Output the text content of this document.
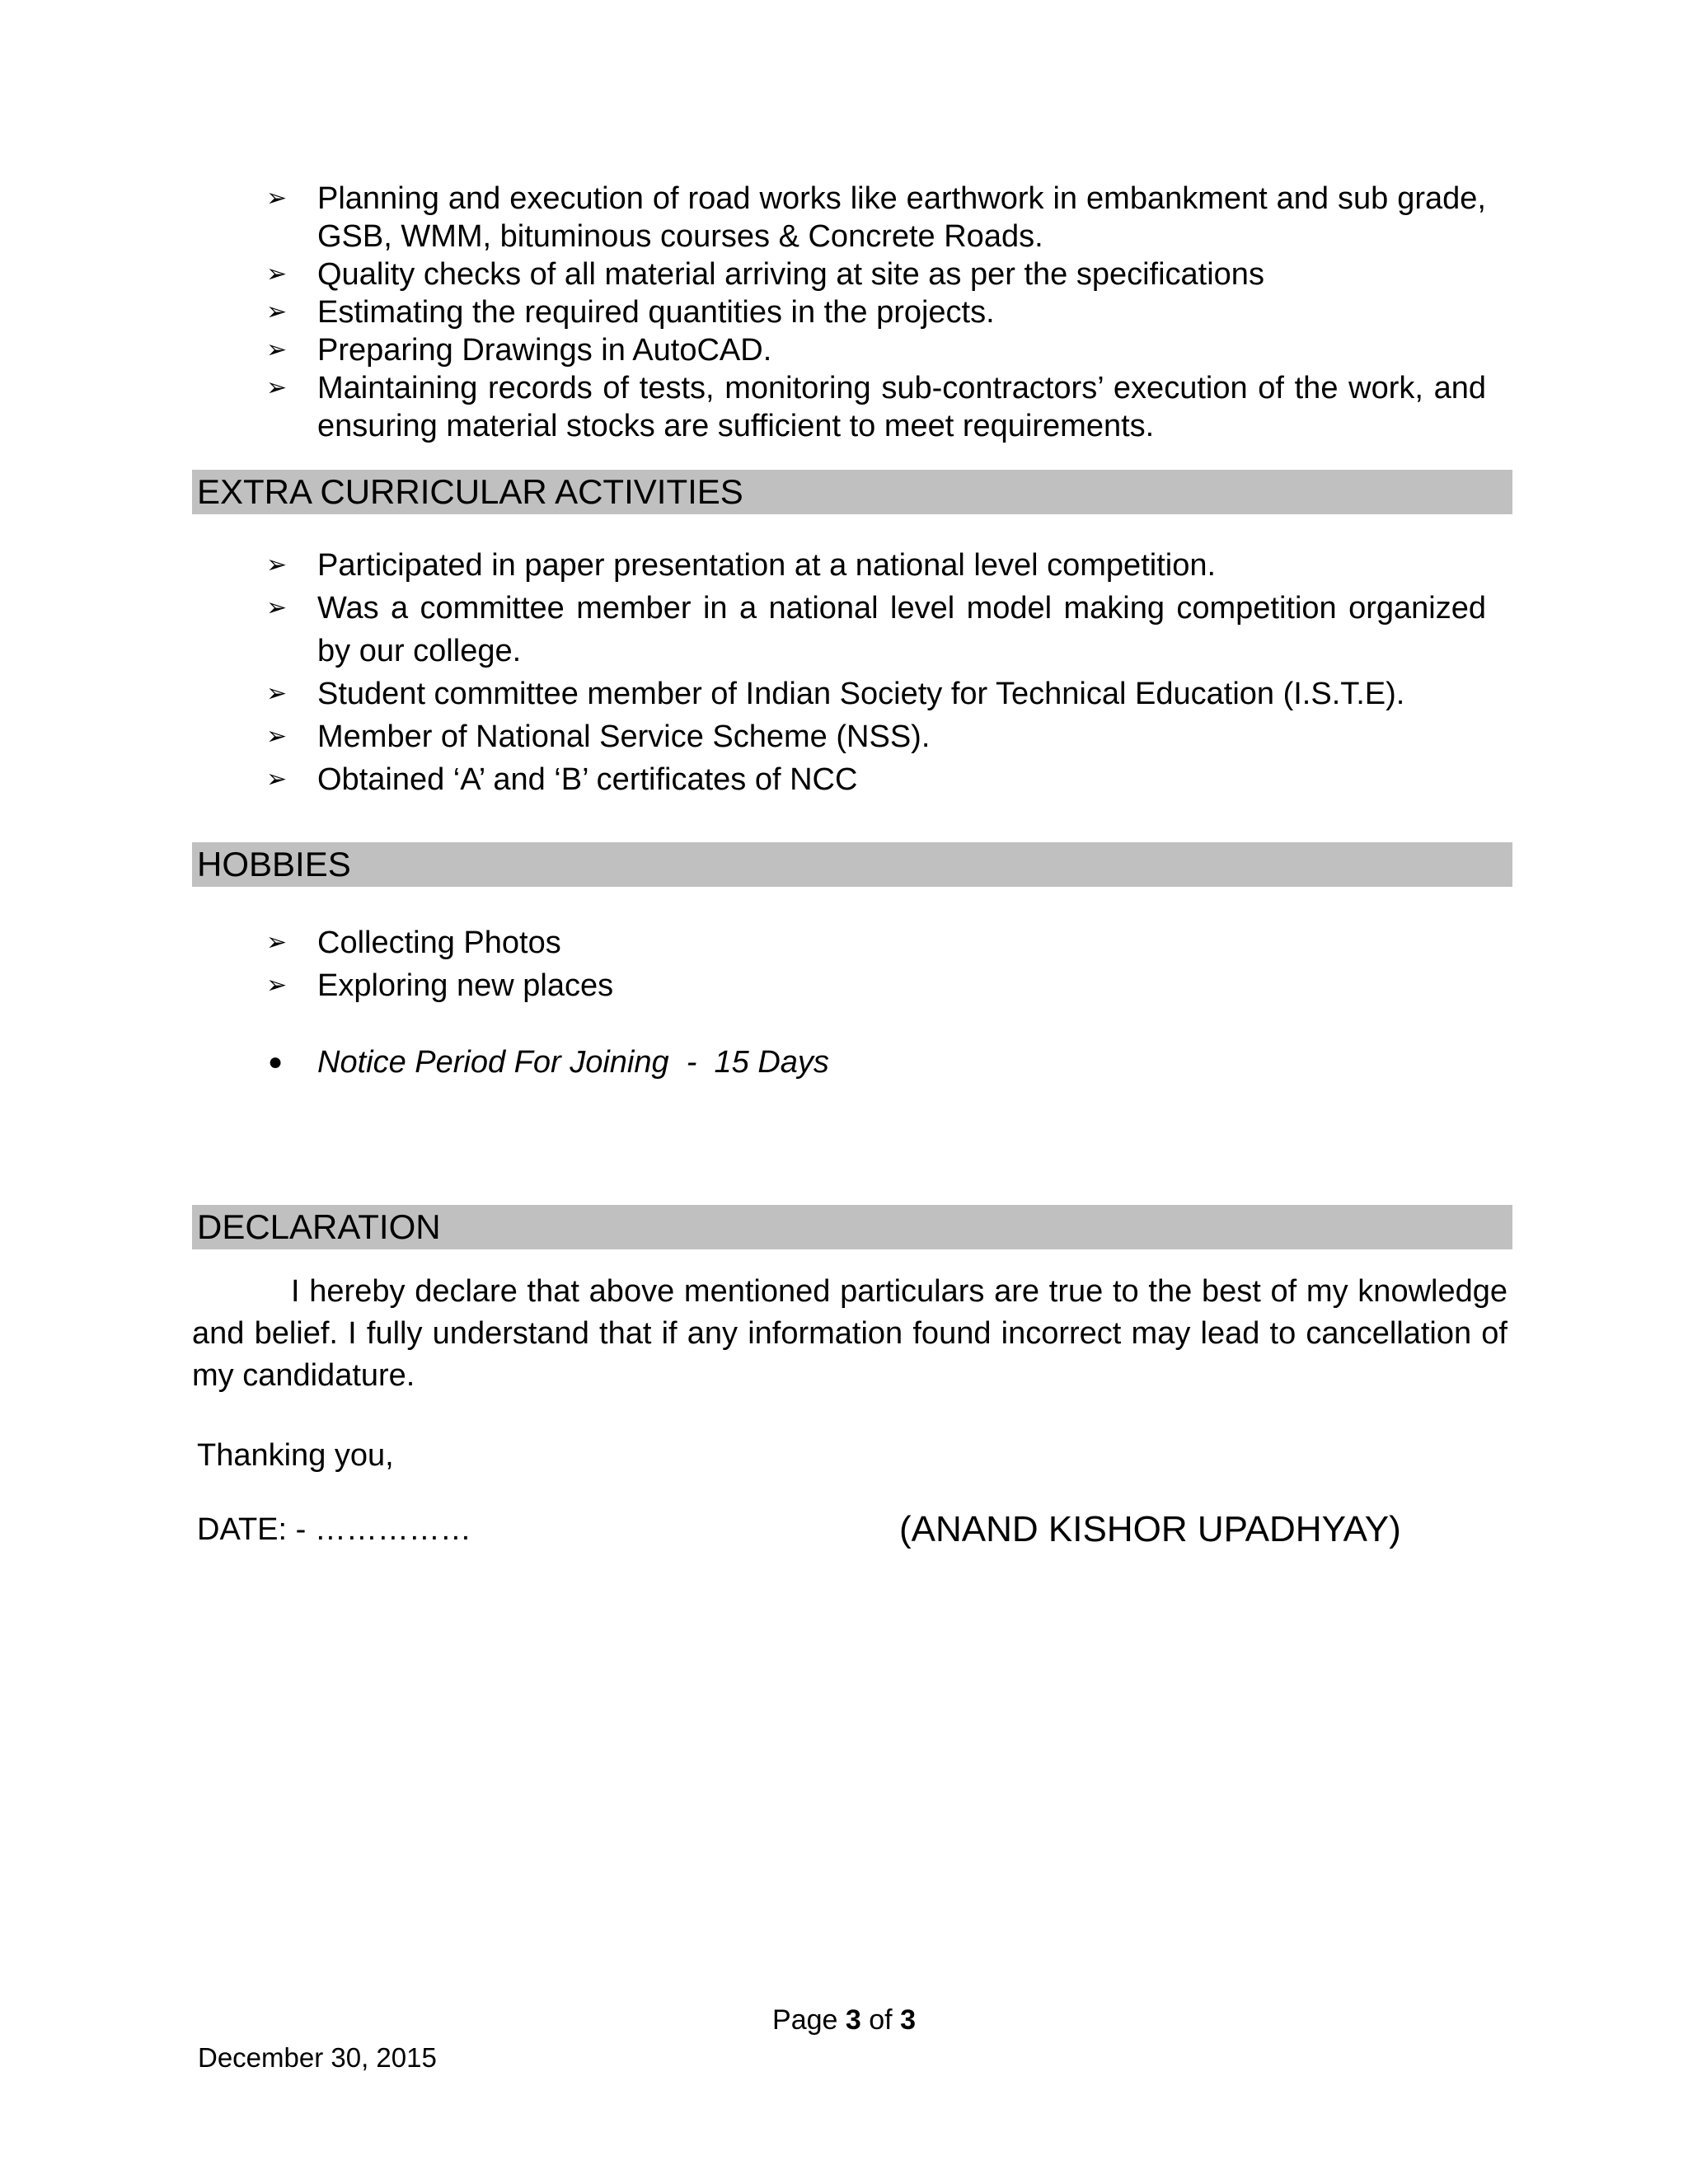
➢ Planning and execution of road works like earthwork in embankment and sub grade, GSB, WMM, bituminous courses & Concrete Roads.
➢ Quality checks of all material arriving at site as per the specifications
➢ Estimating the required quantities in the projects.
➢ Preparing Drawings in AutoCAD.
➢ Maintaining records of tests, monitoring sub-contractors’ execution of the work, and ensuring material stocks are sufficient to meet requirements.
EXTRA CURRICULAR ACTIVITIES
➢ Participated in paper presentation at a national level competition.
➢ Was a committee member in a national level model making competition organized by our college.
➢ Student committee member of Indian Society for Technical Education (I.S.T.E).
➢ Member of National Service Scheme (NSS).
➢ Obtained ‘A’ and ‘B’ certificates of NCC
HOBBIES
➢ Collecting Photos
➢ Exploring new places
● Notice Period For Joining  -  15 Days
DECLARATION

I hereby declare that above mentioned particulars are true to the best of my knowledge and belief. I fully understand that if any information found incorrect may lead to cancellation of my candidature.

Thanking you,
DATE: - ……………	(ANAND KISHOR UPADHYAY)
Page 3 of 3
December 30, 2015
